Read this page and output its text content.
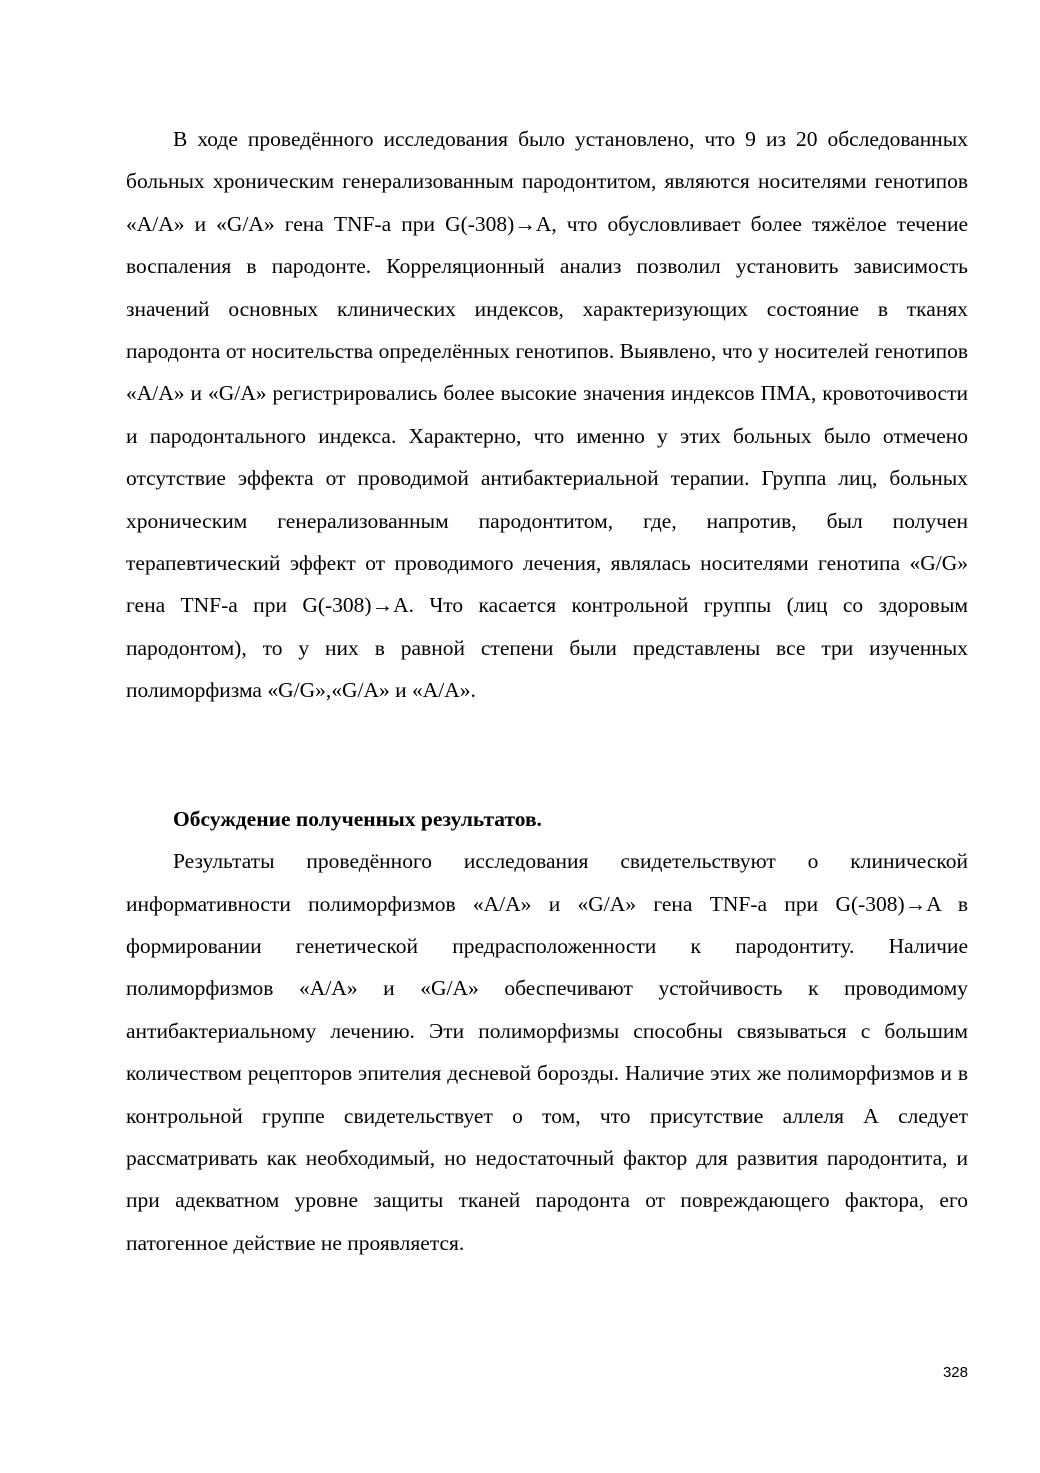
В ходе проведённого исследования было установлено, что 9 из 20 обследованных больных хроническим генерализованным пародонтитом, являются носителями генотипов «A/A» и «G/A» гена TNF-a при G(-308)→A, что обусловливает более тяжёлое течение воспаления в пародонте. Корреляционный анализ позволил установить зависимость значений основных клинических индексов, характеризующих состояние в тканях пародонта от носительства определённых генотипов. Выявлено, что у носителей генотипов «A/A» и «G/A» регистрировались более высокие значения индексов ПМА, кровоточивости и пародонтального индекса. Характерно, что именно у этих больных было отмечено отсутствие эффекта от проводимой антибактериальной терапии. Группа лиц, больных хроническим генерализованным пародонтитом, где, напротив, был получен терапевтический эффект от проводимого лечения, являлась носителями генотипа «G/G» гена TNF-a при G(-308)→A. Что касается контрольной группы (лиц со здоровым пародонтом), то у них в равной степени были представлены все три изученных полиморфизма «G/G»,«G/A» и «A/A».

Обсуждение полученных результатов.

Результаты проведённого исследования свидетельствуют о клинической информативности полиморфизмов «A/A» и «G/A» гена TNF-a при G(-308)→A в формировании генетической предрасположенности к пародонтиту. Наличие полиморфизмов «A/A» и «G/A» обеспечивают устойчивость к проводимому антибактериальному лечению. Эти полиморфизмы способны связываться с большим количеством рецепторов эпителия десневой борозды. Наличие этих же полиморфизмов и в контрольной группе свидетельствует о том, что присутствие аллеля А следует рассматривать как необходимый, но недостаточный фактор для развития пародонтита, и при адекватном уровне защиты тканей пародонта от повреждающего фактора, его патогенное действие не проявляется.

328
